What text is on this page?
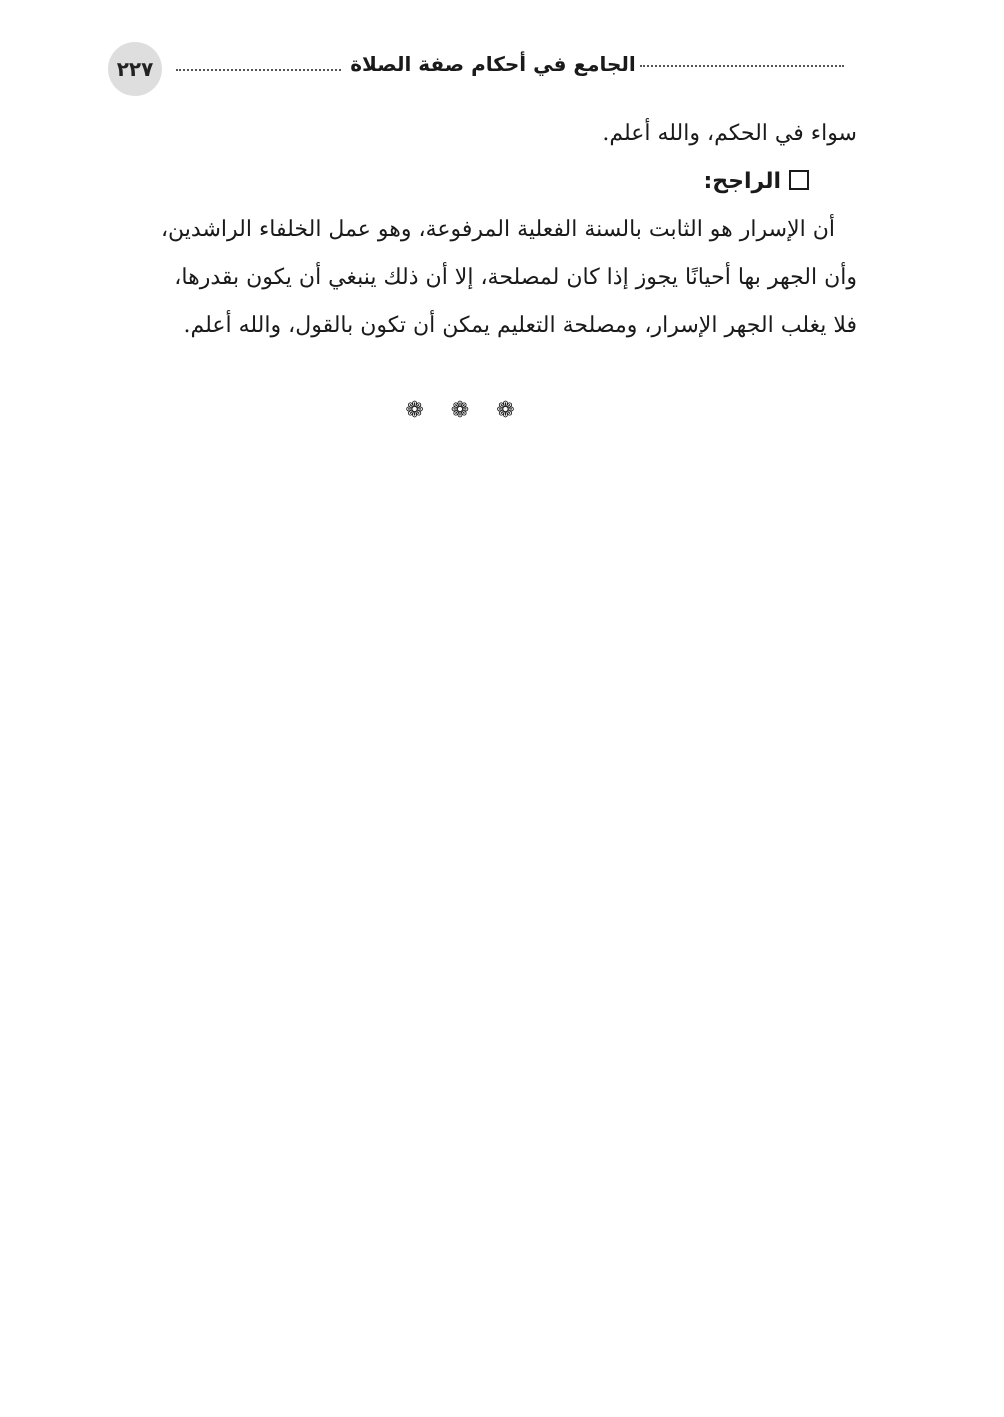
٢٢٧	الجامع في أحكام صفة الصلاة
سواء في الحكم، والله أعلم.
الراجح:
أن الإسرار هو الثابت بالسنة الفعلية المرفوعة، وهو عمل الخلفاء الراشدين،
وأن الجهر بها أحيانًا يجوز إذا كان لمصلحة، إلا أن ذلك ينبغي أن يكون بقدرها،
فلا يغلب الجهر الإسرار، ومصلحة التعليم يمكن أن تكون بالقول، والله أعلم.
❁ ❁ ❁
